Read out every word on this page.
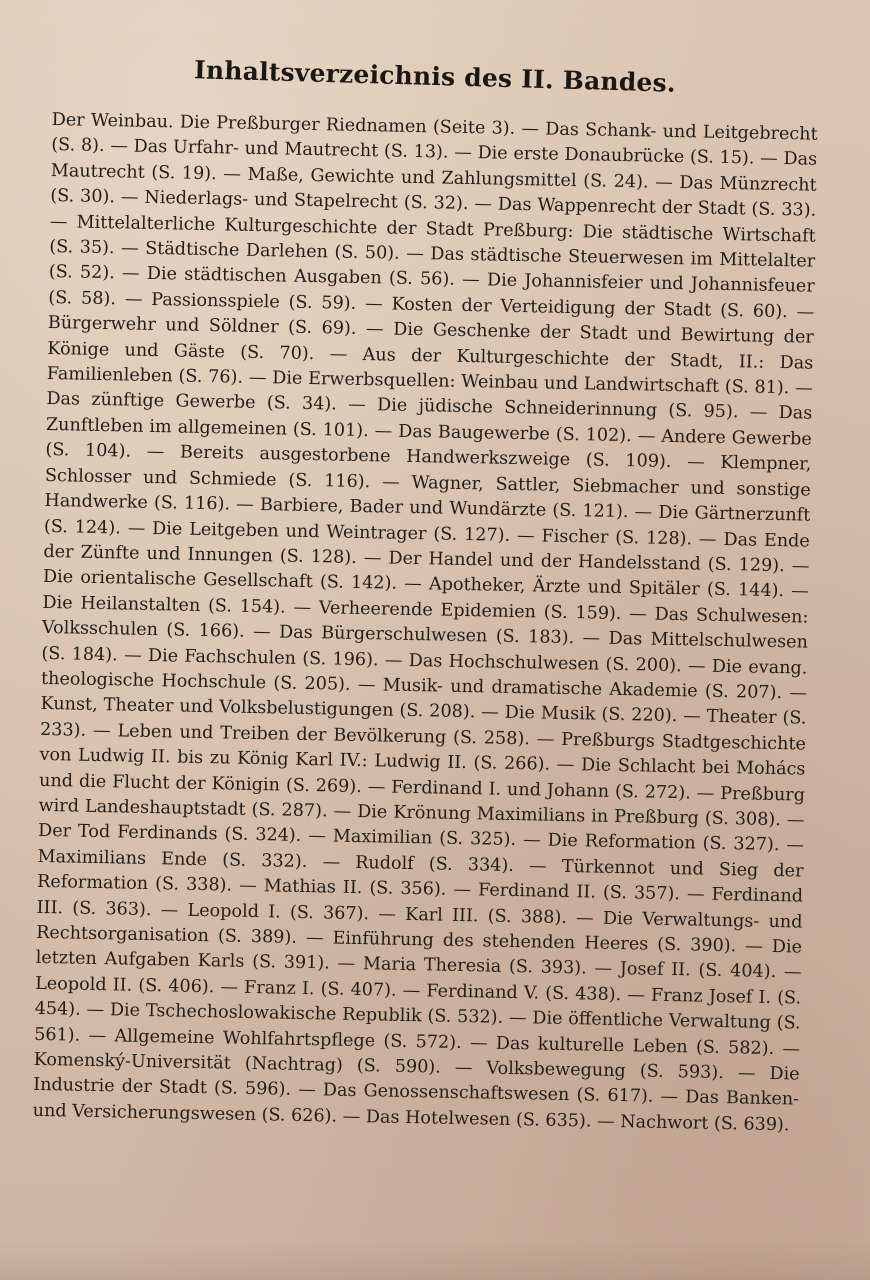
Inhaltsverzeichnis des II. Bandes.

Der Weinbau. Die Preßburger Riednamen (Seite 3). — Das Schank- und Leitgebrecht (S. 8). — Das Urfahr- und Mautrecht (S. 13). — Die erste Donaubrücke (S. 15). — Das Mautrecht (S. 19). — Maße, Gewichte und Zahlungsmittel (S. 24). — Das Münzrecht (S. 30). — Niederlags- und Stapelrecht (S. 32). — Das Wappenrecht der Stadt (S. 33). — Mittelalterliche Kulturgeschichte der Stadt Preßburg: Die städtische Wirtschaft (S. 35). — Städtische Darlehen (S. 50). — Das städtische Steuerwesen im Mittelalter (S. 52). — Die städtischen Ausgaben (S. 56). — Die Johannisfeier und Johannisfeuer (S. 58). — Passionsspiele (S. 59). — Kosten der Verteidigung der Stadt (S. 60). — Bürgerwehr und Söldner (S. 69). — Die Geschenke der Stadt und Bewirtung der Könige und Gäste (S. 70). — Aus der Kulturgeschichte der Stadt, II.: Das Familienleben (S. 76). — Die Erwerbsquellen: Weinbau und Landwirtschaft (S. 81). — Das zünftige Gewerbe (S. 34). — Die jüdische Schneiderinnung (S. 95). — Das Zunftleben im allgemeinen (S. 101). — Das Baugewerbe (S. 102). — Andere Gewerbe (S. 104). — Bereits ausgestorbene Handwerkszweige (S. 109). — Klempner, Schlosser und Schmiede (S. 116). — Wagner, Sattler, Siebmacher und sonstige Handwerke (S. 116). — Barbiere, Bader und Wundärzte (S. 121). — Die Gärtnerzunft (S. 124). — Die Leitgeben und Weintrager (S. 127). — Fischer (S. 128). — Das Ende der Zünfte und Innungen (S. 128). — Der Handel und der Handelsstand (S. 129). — Die orientalische Gesellschaft (S. 142). — Apotheker, Ärzte und Spitäler (S. 144). — Die Heilanstalten (S. 154). — Verheerende Epidemien (S. 159). — Das Schulwesen: Volksschulen (S. 166). — Das Bürgerschulwesen (S. 183). — Das Mittelschulwesen (S. 184). — Die Fachschulen (S. 196). — Das Hochschulwesen (S. 200). — Die evang. theologische Hochschule (S. 205). — Musik- und dramatische Akademie (S. 207). — Kunst, Theater und Volksbelustigungen (S. 208). — Die Musik (S. 220). — Theater (S. 233). — Leben und Treiben der Bevölkerung (S. 258). — Preßburgs Stadtgeschichte von Ludwig II. bis zu König Karl IV.: Ludwig II. (S. 266). — Die Schlacht bei Mohács und die Flucht der Königin (S. 269). — Ferdinand I. und Johann (S. 272). — Preßburg wird Landeshauptstadt (S. 287). — Die Krönung Maximilians in Preßburg (S. 308). — Der Tod Ferdinands (S. 324). — Maximilian (S. 325). — Die Reformation (S. 327). — Maximilians Ende (S. 332). — Rudolf (S. 334). — Türkennot und Sieg der Reformation (S. 338). — Mathias II. (S. 356). — Ferdinand II. (S. 357). — Ferdinand III. (S. 363). — Leopold I. (S. 367). — Karl III. (S. 388). — Die Verwaltungs- und Rechtsorganisation (S. 389). — Einführung des stehenden Heeres (S. 390). — Die letzten Aufgaben Karls (S. 391). — Maria Theresia (S. 393). — Josef II. (S. 404). — Leopold II. (S. 406). — Franz I. (S. 407). — Ferdinand V. (S. 438). — Franz Josef I. (S. 454). — Die Tschechoslowakische Republik (S. 532). — Die öffentliche Verwaltung (S. 561). — Allgemeine Wohlfahrtspflege (S. 572). — Das kulturelle Leben (S. 582). — Komenský-Universität (Nachtrag) (S. 590). — Volksbewegung (S. 593). — Die Industrie der Stadt (S. 596). — Das Genossenschaftswesen (S. 617). — Das Banken- und Versicherungswesen (S. 626). — Das Hotelwesen (S. 635). — Nachwort (S. 639).
